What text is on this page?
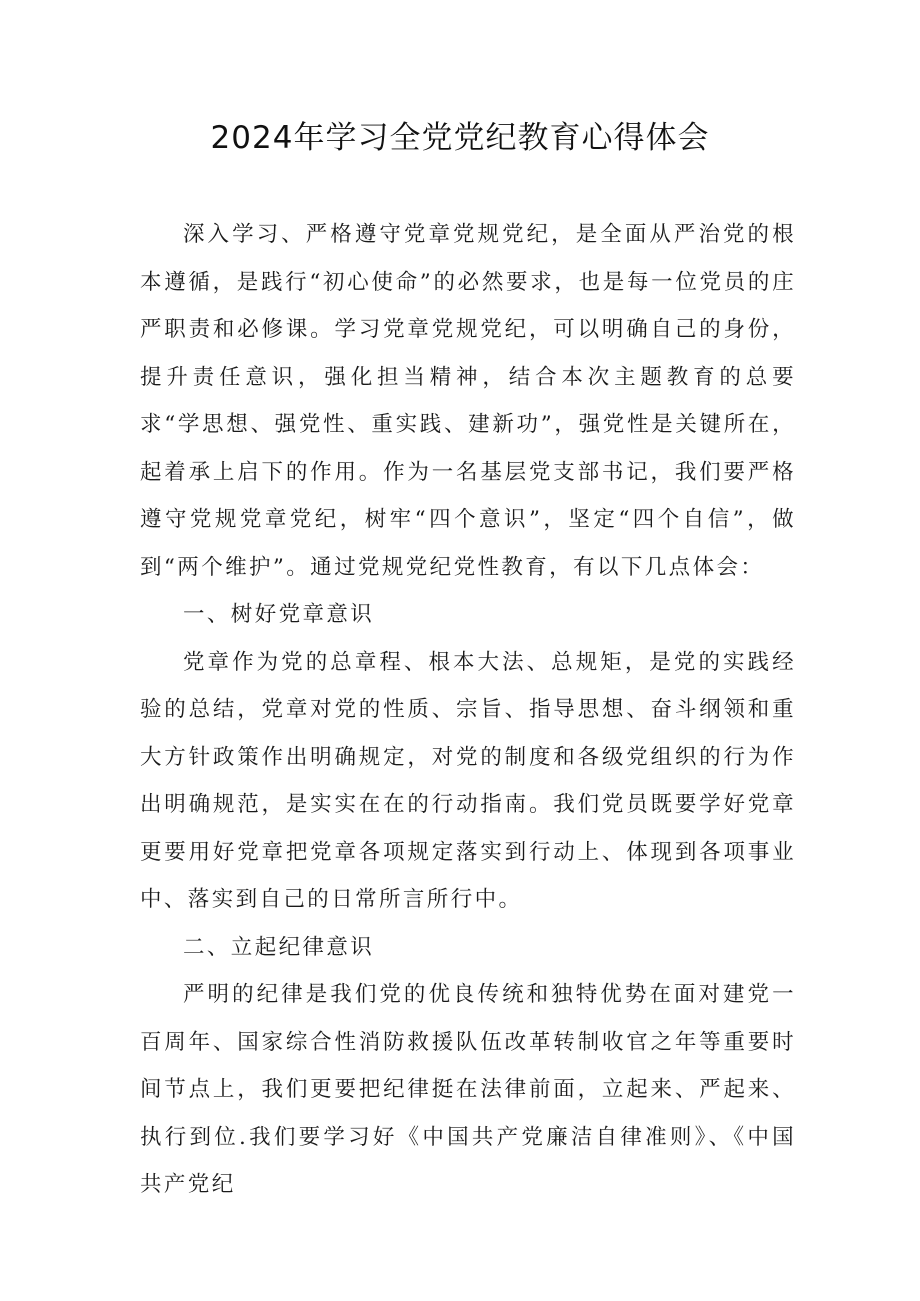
2024年学习全党党纪教育心得体会

深入学习、严格遵守党章党规党纪，是全面从严治党的根本遵循，是践行“初心使命”的必然要求，也是每一位党员的庄严职责和必修课。学习党章党规党纪，可以明确自己的身份，提升责任意识，强化担当精神，结合本次主题教育的总要求“学思想、强党性、重实践、建新功”，强党性是关键所在，起着承上启下的作用。作为一名基层党支部书记，我们要严格遵守党规党章党纪，树牢“四个意识”，坚定“四个自信”，做到“两个维护”。通过党规党纪党性教育，有以下几点体会：

一、树好党章意识

党章作为党的总章程、根本大法、总规矩，是党的实践经验的总结，党章对党的性质、宗旨、指导思想、奋斗纲领和重大方针政策作出明确规定，对党的制度和各级党组织的行为作出明确规范，是实实在在的行动指南。我们党员既要学好党章更要用好党章把党章各项规定落实到行动上、体现到各项事业中、落实到自己的日常所言所行中。

二、立起纪律意识

严明的纪律是我们党的优良传统和独特优势在面对建党一百周年、国家综合性消防救援队伍改革转制收官之年等重要时间节点上，我们更要把纪律挺在法律前面，立起来、严起来、执行到位.我们要学习好《中国共产党廉洁自律准则》、《中国共产党纪
